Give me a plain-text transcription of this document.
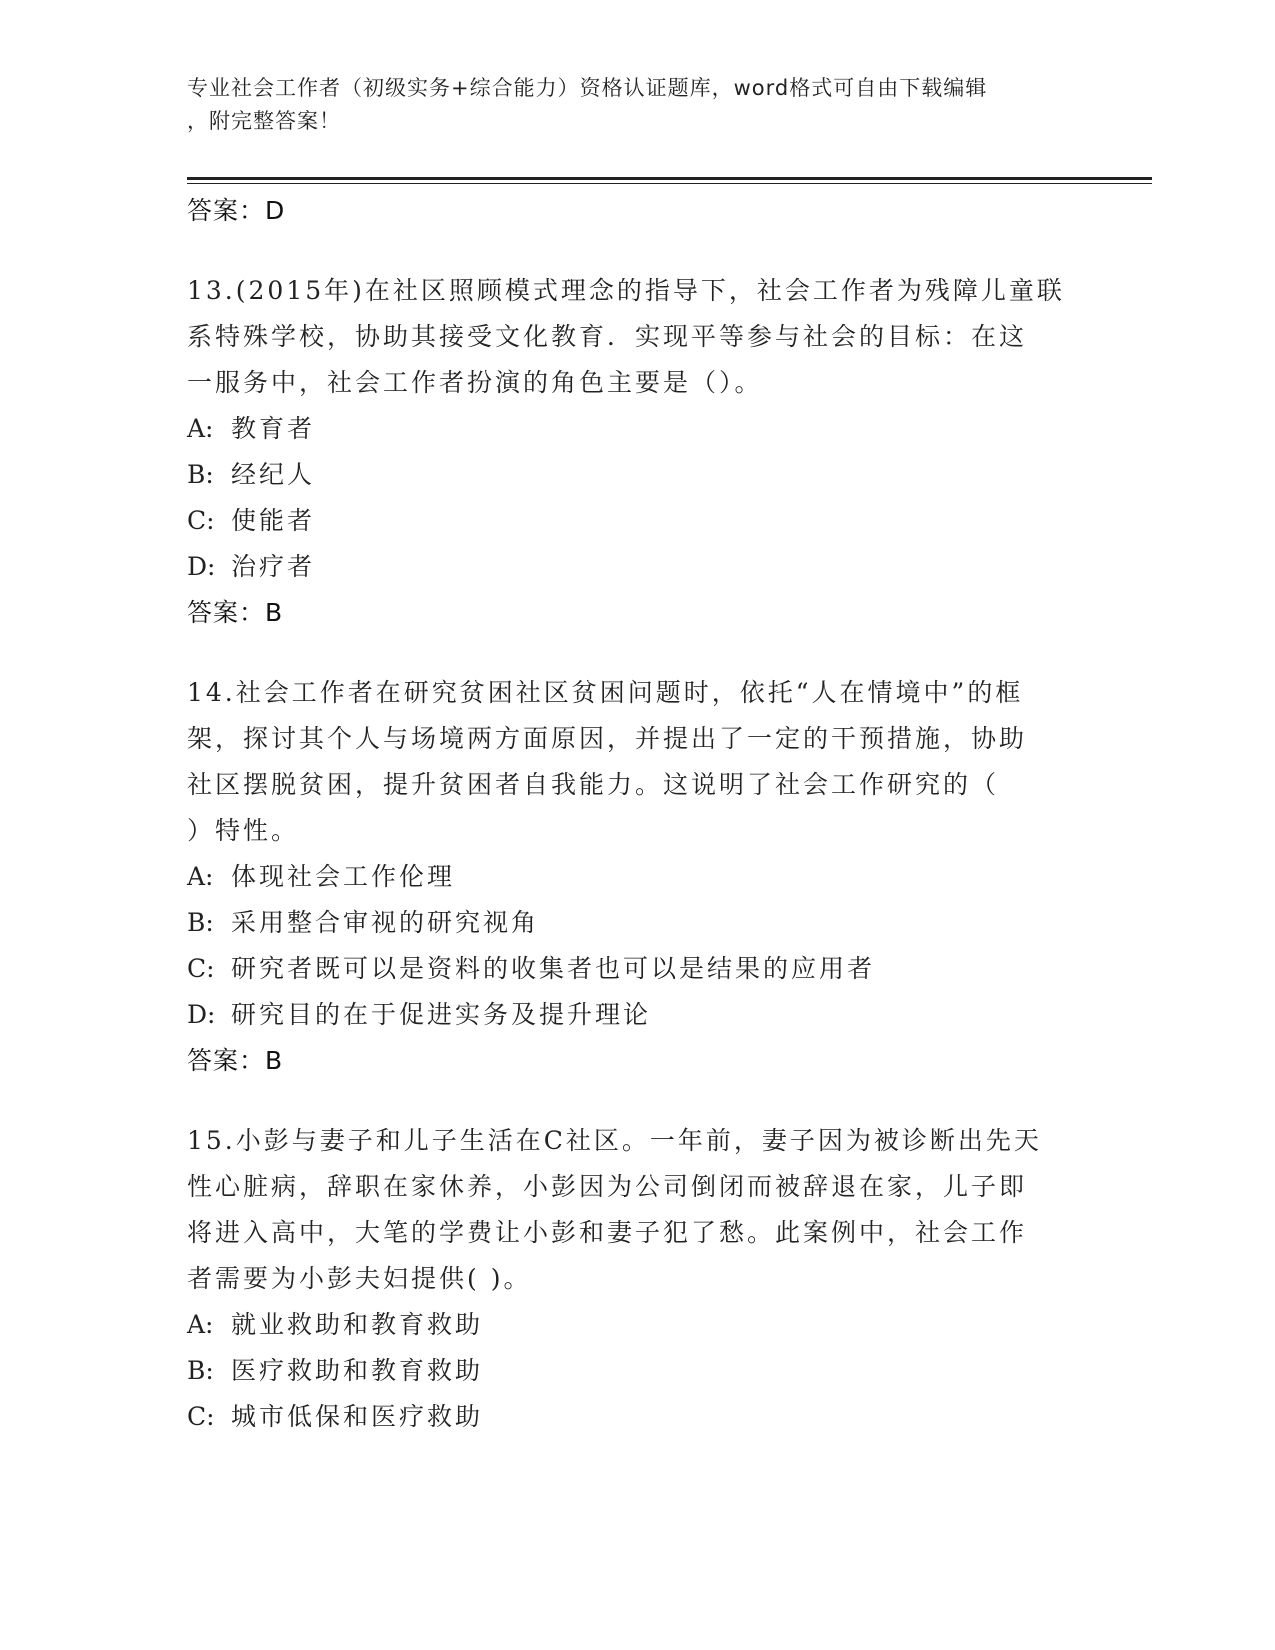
专业社会工作者（初级实务+综合能力）资格认证题库，word格式可自由下载编辑
，附完整答案！
答案：D
13.(2015年)在社区照顾模式理念的指导下，社会工作者为残障儿童联
系特殊学校，协助其接受文化教育．实现平等参与社会的目标：在这
一服务中，社会工作者扮演的角色主要是（）。
A: 教育者
B: 经纪人
C: 使能者
D: 治疗者
答案：B
14.社会工作者在研究贫困社区贫困问题时，依托“人在情境中”的框
架，探讨其个人与场境两方面原因，并提出了一定的干预措施，协助
社区摆脱贫困，提升贫困者自我能力。这说明了社会工作研究的（
）特性。
A: 体现社会工作伦理
B: 采用整合审视的研究视角
C: 研究者既可以是资料的收集者也可以是结果的应用者
D: 研究目的在于促进实务及提升理论
答案：B
15.小彭与妻子和儿子生活在C社区。一年前，妻子因为被诊断出先天
性心脏病，辞职在家休养，小彭因为公司倒闭而被辞退在家，儿子即
将进入高中，大笔的学费让小彭和妻子犯了愁。此案例中，社会工作
者需要为小彭夫妇提供( )。
A: 就业救助和教育救助
B: 医疗救助和教育救助
C: 城市低保和医疗救助
